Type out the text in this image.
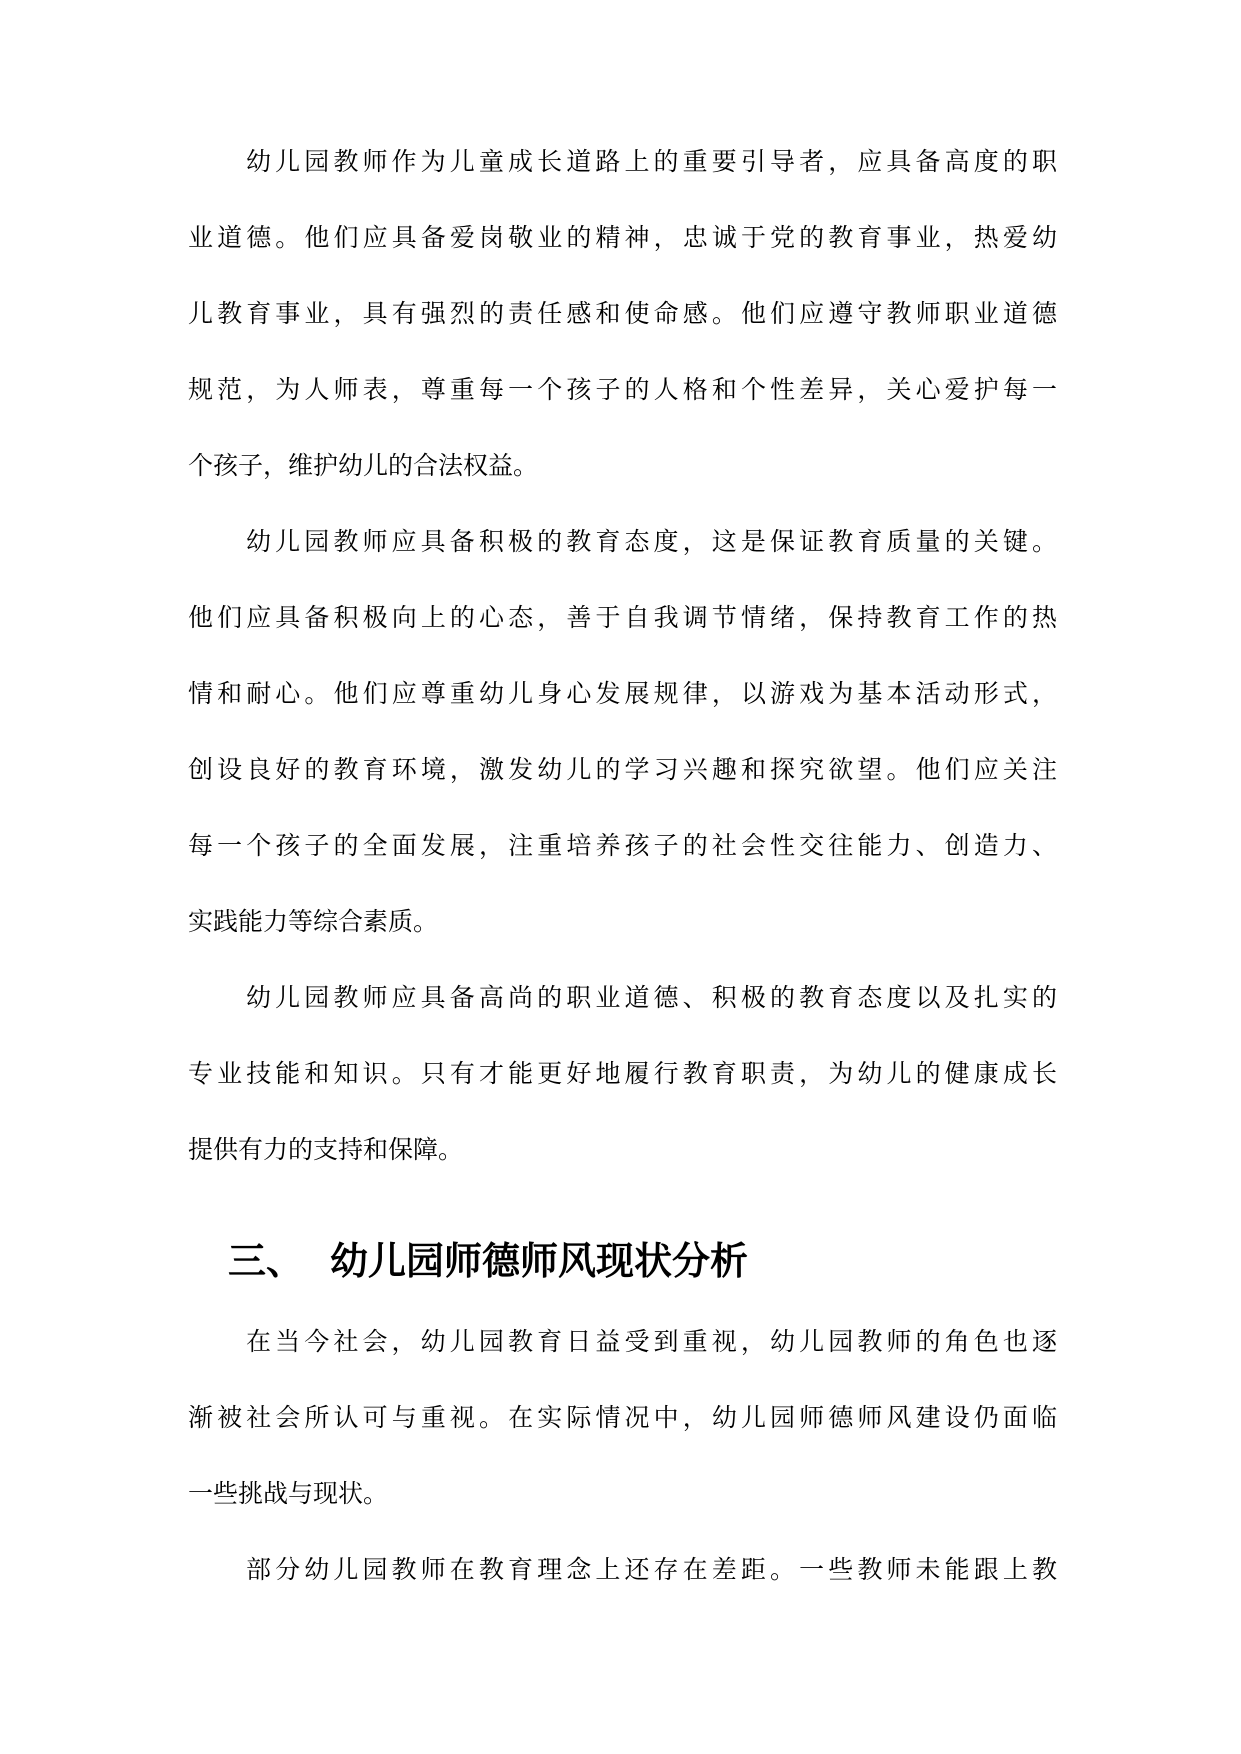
幼儿园教师作为儿童成长道路上的重要引导者，应具备高度的职
业道德。他们应具备爱岗敬业的精神，忠诚于党的教育事业，热爱幼
儿教育事业，具有强烈的责任感和使命感。他们应遵守教师职业道德
规范，为人师表，尊重每一个孩子的人格和个性差异，关心爱护每一
个孩子，维护幼儿的合法权益。
幼儿园教师应具备积极的教育态度，这是保证教育质量的关键。
他们应具备积极向上的心态，善于自我调节情绪，保持教育工作的热
情和耐心。他们应尊重幼儿身心发展规律，以游戏为基本活动形式，
创设良好的教育环境，激发幼儿的学习兴趣和探究欲望。他们应关注
每一个孩子的全面发展，注重培养孩子的社会性交往能力、创造力、
实践能力等综合素质。
幼儿园教师应具备高尚的职业道德、积极的教育态度以及扎实的
专业技能和知识。只有才能更好地履行教育职责，为幼儿的健康成长
提供有力的支持和保障。
三、 幼儿园师德师风现状分析
在当今社会，幼儿园教育日益受到重视，幼儿园教师的角色也逐
渐被社会所认可与重视。在实际情况中，幼儿园师德师风建设仍面临
一些挑战与现状。
部分幼儿园教师在教育理念上还存在差距。一些教师未能跟上教
